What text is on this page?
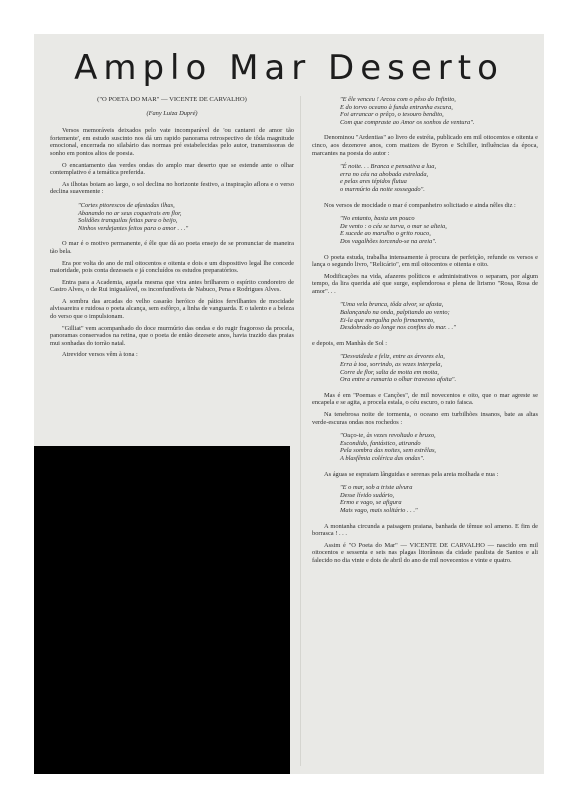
Amplo Mar Deserto

("O POETA DO MAR" — VICENTE DE CARVALHO)

(Fany Luiza Dupré)

Versos memoráveis deixados pelo vate incomparável de 'ou cantarei de amor tão fortemente', em estudo suscinto nos dá um rapido panorama retrospectivo de tôda magnitude emocional, encerrada no silabário das normas pré estabelecidas pelo autor, transmissoras de sonho em pontos altos de poesia.

O encantamento das verdes ondas do amplo mar deserto que se estende ante o olhar contemplativo é a temática preferida.

As ilhotas boiam ao largo, o sol declina no horizonte festivo, a inspiração aflora e o verso declina suavemente :

"Cortes pitorescos de afastadas ilhas,
Abanando no ar seus coqueirais em flor,
Solidões tranquilas feitas para o beijo,
Ninhos verdejantes feitos para o amor . . ."

O mar é o motivo permanente, é êle que dá ao poeta ensejo de se pronunciar de maneira tão bela.

Era por volta do ano de mil oitocentos e oitenta e dois e um dispositivo legal lhe concede maioridade, pois conta dezesseis e já concluídos os estudos preparatórios.

Entra para a Academia, aquela mesma que vira antes brilharem o espírito condoreiro de Castro Alves, o de Rui inigualável, os inconfundíveis de Nabuco, Pena e Rodrigues Alves.

A sombra das arcadas do velho casarão heróico de pátios fervilhantes de mocidade alvissareira e ruidosa o poeta alcança, sem esfôrço, a linha de vanguarda. E o talento e a beleza do verso que o impulsionam.

"Gilliat" vem acompanhado do doce murmúrio das ondas e do rugir fragoroso da procela, panoramas conservados na retina, que o poeta de então dezesete anos, havia trazido das praias mui sonhadas do torrão natal.

Atrevidor versos vêm à tona :

"E êle venceu ! Arcou com o pêso do Infinito,
E do torvo oceano à funda entranha escura,
Foi arrancar o prêço, o tesouro bendito,
Com que compraste ao Amor os sonhos de ventura".

Denominou "Ardentias" ao livro de estréia, publicado em mil oitocentos e oitenta e cinco, aos dezenove anos, com matizes de Byron e Schiller, influências da época, marcantes na poesia do autor :

"É noite. . . Branca e pensativa a lua,
erra no céu na abobada estrelada,
e pelas ares tépidos flutua
o murmúrio da noite sossegado".

Nos versos de mocidade o mar é companheiro solicitado e ainda nêles diz :

"No entanto, basta um pouco
De vento : o céu se turva, o mar se alteia,
E sucede ao marulho o grito rouco,
Dos vagalhões torcendo-se na areia".

O poeta estuda, trabalha intensamente à procura de perfeição, refunde os versos e lança o segundo livro, "Relicário", em mil oitocentos e oitenta e oito.

Modificações na vida, afazeres políticos e administrativos o separam, por algum tempo, da lira querida até que surge, esplendorosa e plena de lirismo "Rosa, Rosa de amor". . .

"Uma vela branca, tôda alvor, se afasta,
Balançando na onda, palpitando ao vento;
Ei-la que mergulha pelo firmamento,
Desdobrado ao longe nos confins do mar. . ."

e depois, em Manhãs de Sol :

"Desvaideda e feliz, entre as árvores ela,
Erra à toa, sorrindo, as vezes interpela,
Corre de flor, salta de moita em moita,
Ora entre a ramaria o olhar travesso afoita".

Mas é em "Poemas e Canções", de mil novecentos e oito, que o mar agreste se encapela e se agita, a procela estala, o céu escuro, o raio faisca.

Na tenebrosa noite de tormenta, o oceano em turbilhões insanos, bate as altas verde-escuras ondas nos rochedos :

"Ouço-te, às vezes revoltado e bruxo,
Escondido, fantástico, atirando
Pela sombra das noites, sem estrêlas,
A blasfêmia colérica das ondas".

As águas se espraiam lânguidas e serenas pela areia molhada e nua :

"E o mar, sob a triste alvura
Desse lívido sudário,
Ermo e vago, se afigura
Mais vago, mais solitário . . ."

A montanha circunda a paisagem praiana, banhada de têmue sol ameno. E fim de borrasca ! . . .

Assim é "O Poeta do Mar" — VICENTE DE CARVALHO — nascido em mil oitocentos e sessenta e seis nas plagas litorâneas da cidade paulista de Santos e ali falecido no dia vinte e dois de abril do ano de mil novecentos e vinte e quatro.
